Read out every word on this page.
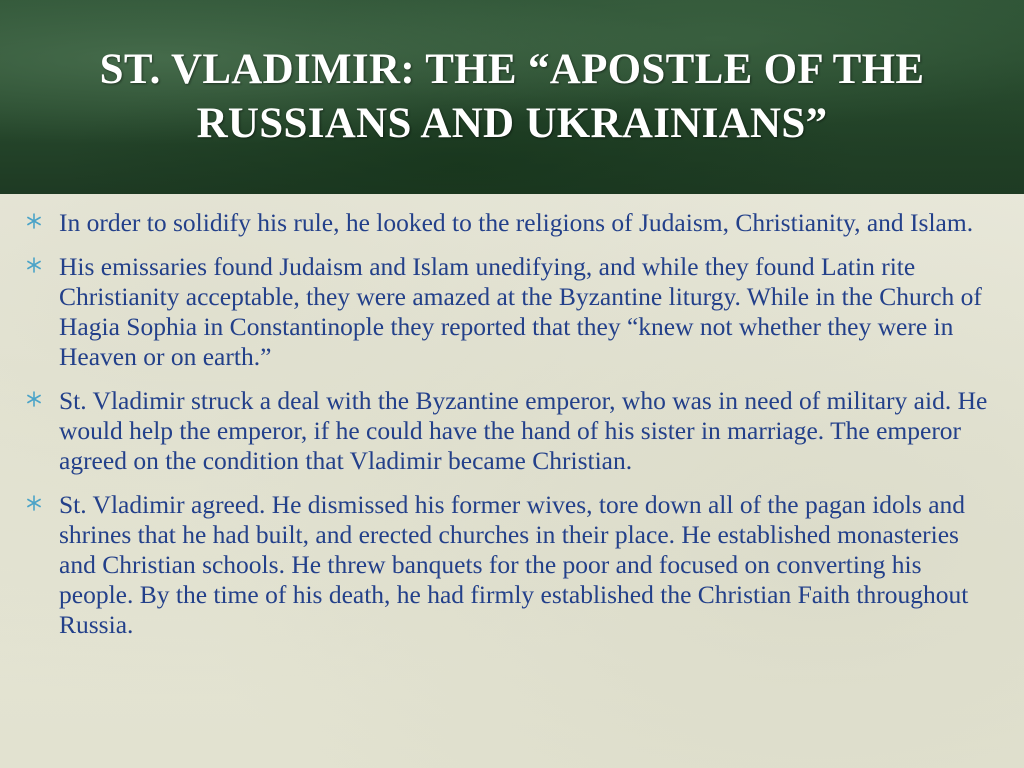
ST. VLADIMIR: THE “APOSTLE OF THE RUSSIANS AND UKRAINIANS”
In order to solidify his rule, he looked to the religions of Judaism, Christianity, and Islam.
His emissaries found Judaism and Islam unedifying, and while they found Latin rite Christianity acceptable, they were amazed at the Byzantine liturgy. While in the Church of Hagia Sophia in Constantinople they reported that they “knew not whether they were in Heaven or on earth.”
St. Vladimir struck a deal with the Byzantine emperor, who was in need of military aid. He would help the emperor, if he could have the hand of his sister in marriage. The emperor agreed on the condition that Vladimir became Christian.
St. Vladimir agreed. He dismissed his former wives, tore down all of the pagan idols and shrines that he had built, and erected churches in their place. He established monasteries and Christian schools. He threw banquets for the poor and focused on converting his people. By the time of his death, he had firmly established the Christian Faith throughout Russia.
